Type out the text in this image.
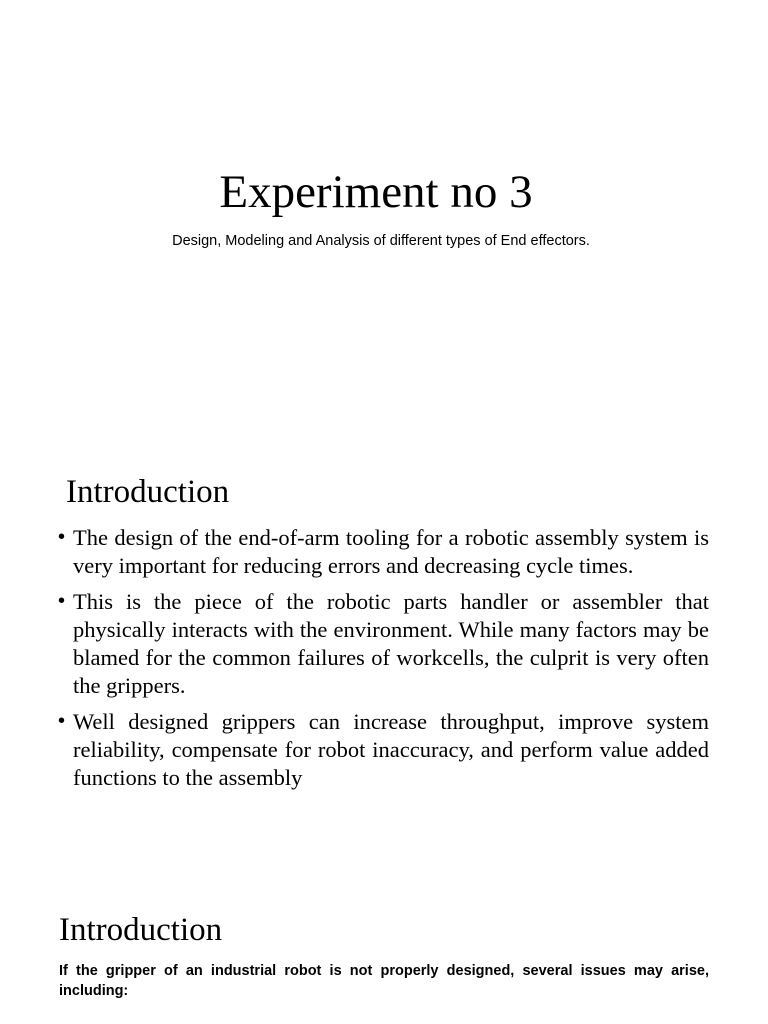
Experiment no 3

Design, Modeling and Analysis of different types of End effectors.

Introduction
• The design of the end-of-arm tooling for a robotic assembly system is very important for reducing errors and decreasing cycle times.
• This is the piece of the robotic parts handler or assembler that physically interacts with the environment. While many factors may be blamed for the common failures of workcells, the culprit is very often the grippers.
• Well designed grippers can increase throughput, improve system reliability, compensate for robot inaccuracy, and perform value added functions to the assembly
Introduction

If the gripper of an industrial robot is not properly designed, several issues may arise, including:
